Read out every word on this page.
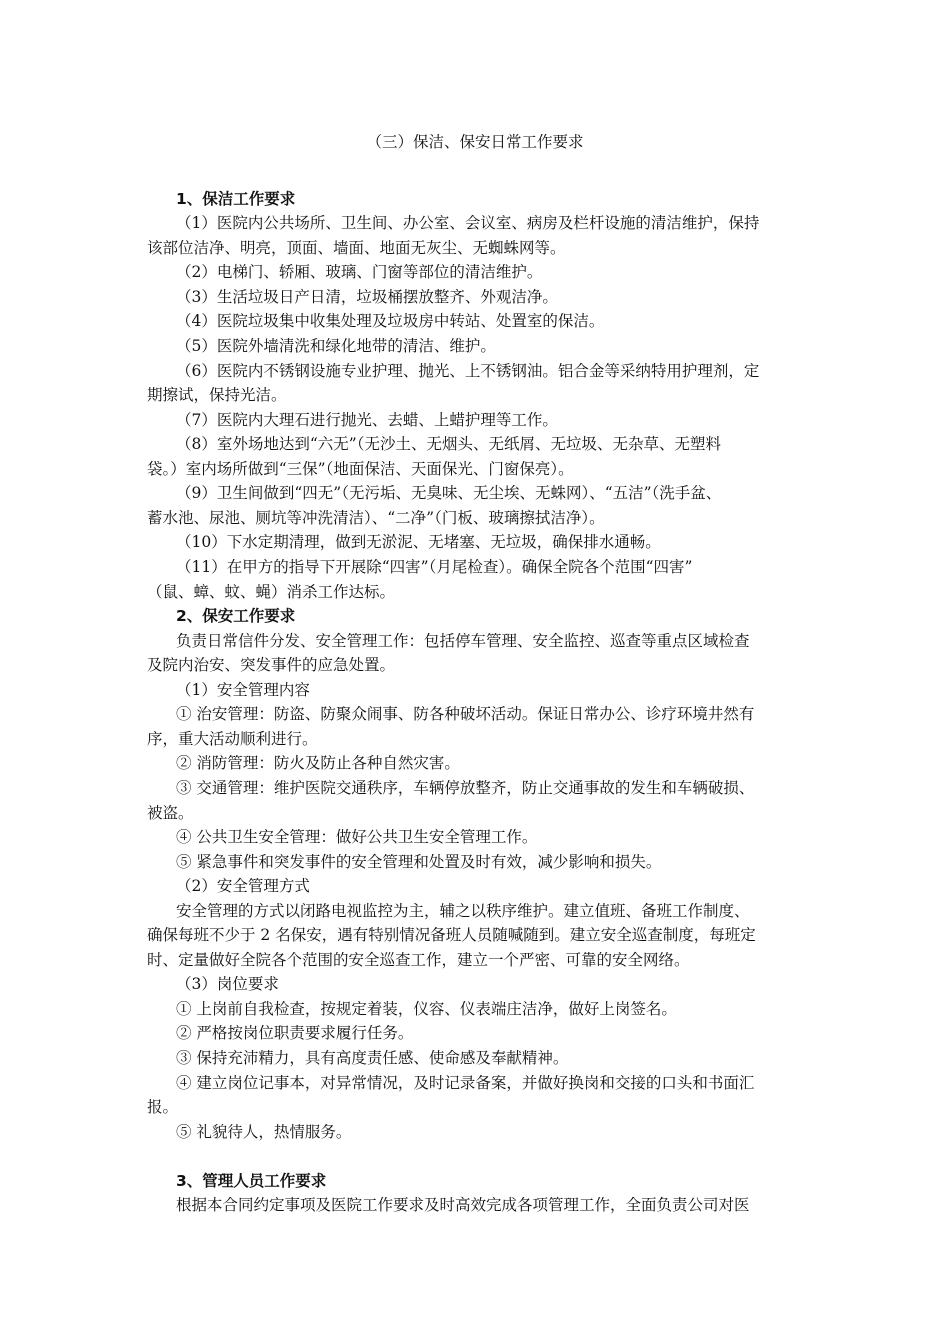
（三）保洁、保安日常工作要求
1、保洁工作要求
（1）医院内公共场所、卫生间、办公室、会议室、病房及栏杆设施的清洁维护，保持
该部位洁净、明亮，顶面、墙面、地面无灰尘、无蜘蛛网等。
（2）电梯门、轿厢、玻璃、门窗等部位的清洁维护。
（3）生活垃圾日产日清，垃圾桶摆放整齐、外观洁净。
（4）医院垃圾集中收集处理及垃圾房中转站、处置室的保洁。
（5）医院外墙清洗和绿化地带的清洁、维护。
（6）医院内不锈钢设施专业护理、抛光、上不锈钢油。铝合金等采纳特用护理剂，定
期擦试，保持光洁。
（7）医院内大理石进行抛光、去蜡、上蜡护理等工作。
（8）室外场地达到“六无”（无沙土、无烟头、无纸屑、无垃圾、无杂草、无塑料
袋。）室内场所做到“三保”（地面保洁、天面保光、门窗保亮）。
（9）卫生间做到“四无”（无污垢、无臭味、无尘埃、无蛛网）、“五洁”（洗手盆、
蓄水池、尿池、厕坑等冲洗清洁）、“二净”（门板、玻璃擦拭洁净）。
（10）下水定期清理，做到无淤泥、无堵塞、无垃圾，确保排水通畅。
（11）在甲方的指导下开展除“四害”（月尾检查）。确保全院各个范围“四害”
（鼠、蟑、蚊、蝇）消杀工作达标。
2、保安工作要求
负责日常信件分发、安全管理工作：包括停车管理、安全监控、巡查等重点区域检查
及院内治安、突发事件的应急处置。
（1）安全管理内容
① 治安管理：防盗、防聚众闹事、防各种破坏活动。保证日常办公、诊疗环境井然有
序，重大活动顺利进行。
② 消防管理：防火及防止各种自然灾害。
③ 交通管理：维护医院交通秩序，车辆停放整齐，防止交通事故的发生和车辆破损、
被盗。
④ 公共卫生安全管理：做好公共卫生安全管理工作。
⑤ 紧急事件和突发事件的安全管理和处置及时有效，减少影响和损失。
（2）安全管理方式
安全管理的方式以闭路电视监控为主，辅之以秩序维护。建立值班、备班工作制度、
确保每班不少于 2 名保安，遇有特别情况备班人员随喊随到。建立安全巡查制度，每班定
时、定量做好全院各个范围的安全巡查工作，建立一个严密、可靠的安全网络。
（3）岗位要求
① 上岗前自我检查，按规定着装，仪容、仪表端庄洁净，做好上岗签名。
② 严格按岗位职责要求履行任务。
③ 保持充沛精力，具有高度责任感、使命感及奉献精神。
④ 建立岗位记事本，对异常情况，及时记录备案，并做好换岗和交接的口头和书面汇
报。
⑤ 礼貌待人，热情服务。
3、管理人员工作要求
根据本合同约定事项及医院工作要求及时高效完成各项管理工作，全面负责公司对医
